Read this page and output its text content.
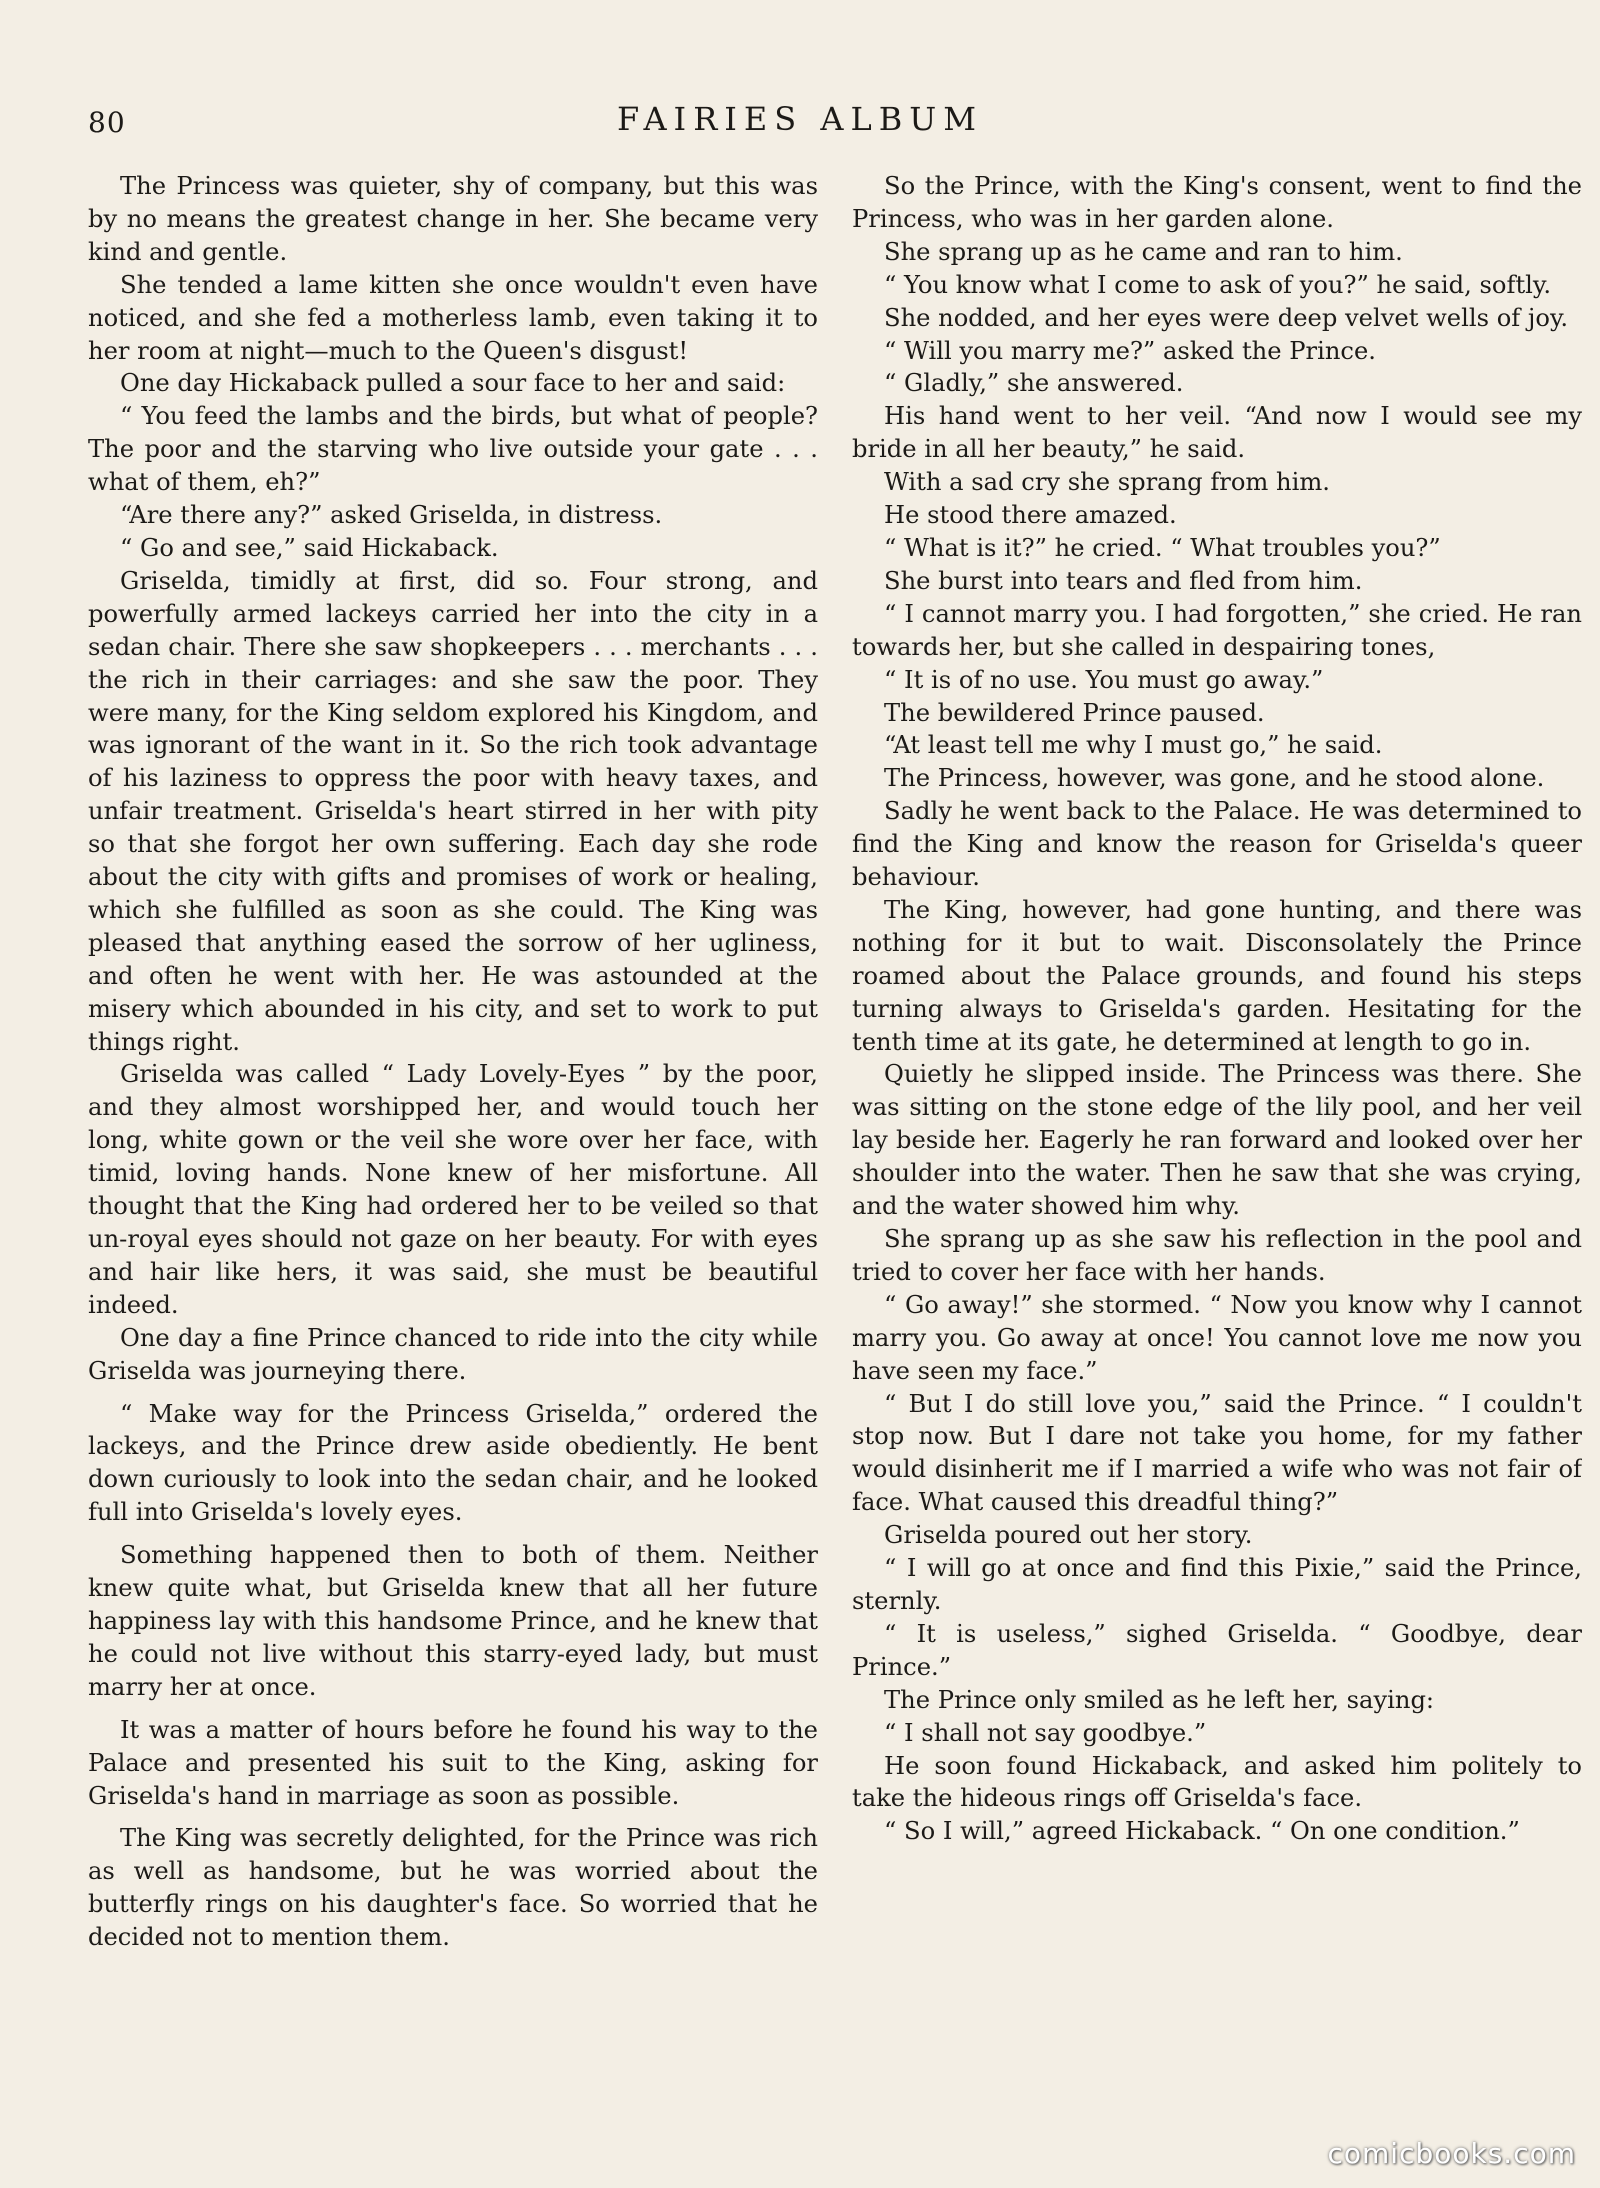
80	FAIRIES ALBUM

The Princess was quieter, shy of company, but this was by no means the greatest change in her. She became very kind and gentle.

She tended a lame kitten she once wouldn't even have noticed, and she fed a motherless lamb, even taking it to her room at night—much to the Queen's disgust!

One day Hickaback pulled a sour face to her and said:

“ You feed the lambs and the birds, but what of people? The poor and the starving who live outside your gate . . . what of them, eh?”

“Are there any?” asked Griselda, in distress.

“ Go and see,” said Hickaback.

Griselda, timidly at first, did so. Four strong, and powerfully armed lackeys carried her into the city in a sedan chair. There she saw shopkeepers . . . merchants . . . the rich in their carriages: and she saw the poor. They were many, for the King seldom explored his Kingdom, and was ignorant of the want in it. So the rich took advantage of his laziness to oppress the poor with heavy taxes, and unfair treatment. Griselda's heart stirred in her with pity so that she forgot her own suffering. Each day she rode about the city with gifts and promises of work or healing, which she fulfilled as soon as she could. The King was pleased that anything eased the sorrow of her ugliness, and often he went with her. He was astounded at the misery which abounded in his city, and set to work to put things right.

Griselda was called “ Lady Lovely-Eyes ” by the poor, and they almost worshipped her, and would touch her long, white gown or the veil she wore over her face, with timid, loving hands. None knew of her misfortune. All thought that the King had ordered her to be veiled so that un-royal eyes should not gaze on her beauty. For with eyes and hair like hers, it was said, she must be beautiful indeed.

One day a fine Prince chanced to ride into the city while Griselda was journeying there.

“ Make way for the Princess Griselda,” ordered the lackeys, and the Prince drew aside obediently. He bent down curiously to look into the sedan chair, and he looked full into Griselda's lovely eyes.

Something happened then to both of them. Neither knew quite what, but Griselda knew that all her future happiness lay with this handsome Prince, and he knew that he could not live without this starry-eyed lady, but must marry her at once.

It was a matter of hours before he found his way to the Palace and presented his suit to the King, asking for Griselda's hand in marriage as soon as possible.

The King was secretly delighted, for the Prince was rich as well as handsome, but he was worried about the butterfly rings on his daughter's face. So worried that he decided not to mention them.

So the Prince, with the King's consent, went to find the Princess, who was in her garden alone.

She sprang up as he came and ran to him.

“ You know what I come to ask of you?” he said, softly.

She nodded, and her eyes were deep velvet wells of joy.

“ Will you marry me?” asked the Prince.

“ Gladly,” she answered.

His hand went to her veil. “And now I would see my bride in all her beauty,” he said.

With a sad cry she sprang from him.

He stood there amazed.

“ What is it?” he cried. “ What troubles you?”

She burst into tears and fled from him.

“ I cannot marry you. I had forgotten,” she cried. He ran towards her, but she called in despairing tones,

“ It is of no use. You must go away.”

The bewildered Prince paused.

“At least tell me why I must go,” he said.

The Princess, however, was gone, and he stood alone.

Sadly he went back to the Palace. He was determined to find the King and know the reason for Griselda's queer behaviour.

The King, however, had gone hunting, and there was nothing for it but to wait. Disconsolately the Prince roamed about the Palace grounds, and found his steps turning always to Griselda's garden. Hesitating for the tenth time at its gate, he determined at length to go in.

Quietly he slipped inside. The Princess was there. She was sitting on the stone edge of the lily pool, and her veil lay beside her. Eagerly he ran forward and looked over her shoulder into the water. Then he saw that she was crying, and the water showed him why.

She sprang up as she saw his reflection in the pool and tried to cover her face with her hands.

“ Go away!” she stormed. “ Now you know why I cannot marry you. Go away at once! You cannot love me now you have seen my face.”

“ But I do still love you,” said the Prince. “ I couldn't stop now. But I dare not take you home, for my father would disinherit me if I married a wife who was not fair of face. What caused this dreadful thing?”

Griselda poured out her story.

“ I will go at once and find this Pixie,” said the Prince, sternly.

“ It is useless,” sighed Griselda. “ Goodbye, dear Prince.”

The Prince only smiled as he left her, saying:

“ I shall not say goodbye.”

He soon found Hickaback, and asked him politely to take the hideous rings off Griselda's face.

“ So I will,” agreed Hickaback. “ On one condition.”

comicbooks.com
